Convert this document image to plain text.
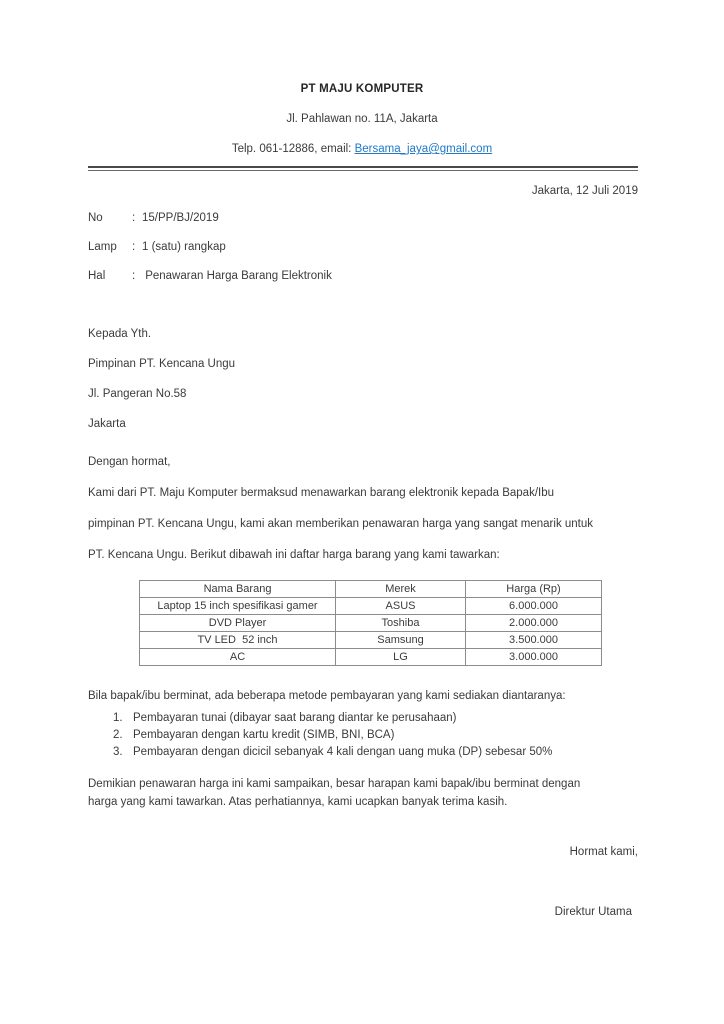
PT MAJU KOMPUTER
Jl. Pahlawan no. 11A, Jakarta
Telp. 061-12886, email: Bersama_jaya@gmail.com
Jakarta, 12 Juli 2019
No	: 15/PP/BJ/2019
Lamp	: 1 (satu) rangkap
Hal	: Penawaran Harga Barang Elektronik
Kepada Yth.
Pimpinan PT. Kencana Ungu
Jl. Pangeran No.58
Jakarta
Dengan hormat,
Kami dari PT. Maju Komputer bermaksud menawarkan barang elektronik kepada Bapak/Ibu
pimpinan PT. Kencana Ungu, kami akan memberikan penawaran harga yang sangat menarik untuk
PT. Kencana Ungu. Berikut dibawah ini daftar harga barang yang kami tawarkan:
Nama Barang	Merek	Harga (Rp)
Laptop 15 inch spesifikasi gamer	ASUS	6.000.000
DVD Player	Toshiba	2.000.000
TV LED  52 inch	Samsung	3.500.000
AC	LG	3.000.000
Bila bapak/ibu berminat, ada beberapa metode pembayaran yang kami sediakan diantaranya:
1. Pembayaran tunai (dibayar saat barang diantar ke perusahaan)
2. Pembayaran dengan kartu kredit (SIMB, BNI, BCA)
3. Pembayaran dengan dicicil sebanyak 4 kali dengan uang muka (DP) sebesar 50%
Demikian penawaran harga ini kami sampaikan, besar harapan kami bapak/ibu berminat dengan
harga yang kami tawarkan. Atas perhatiannya, kami ucapkan banyak terima kasih.
Hormat kami,
Direktur Utama
